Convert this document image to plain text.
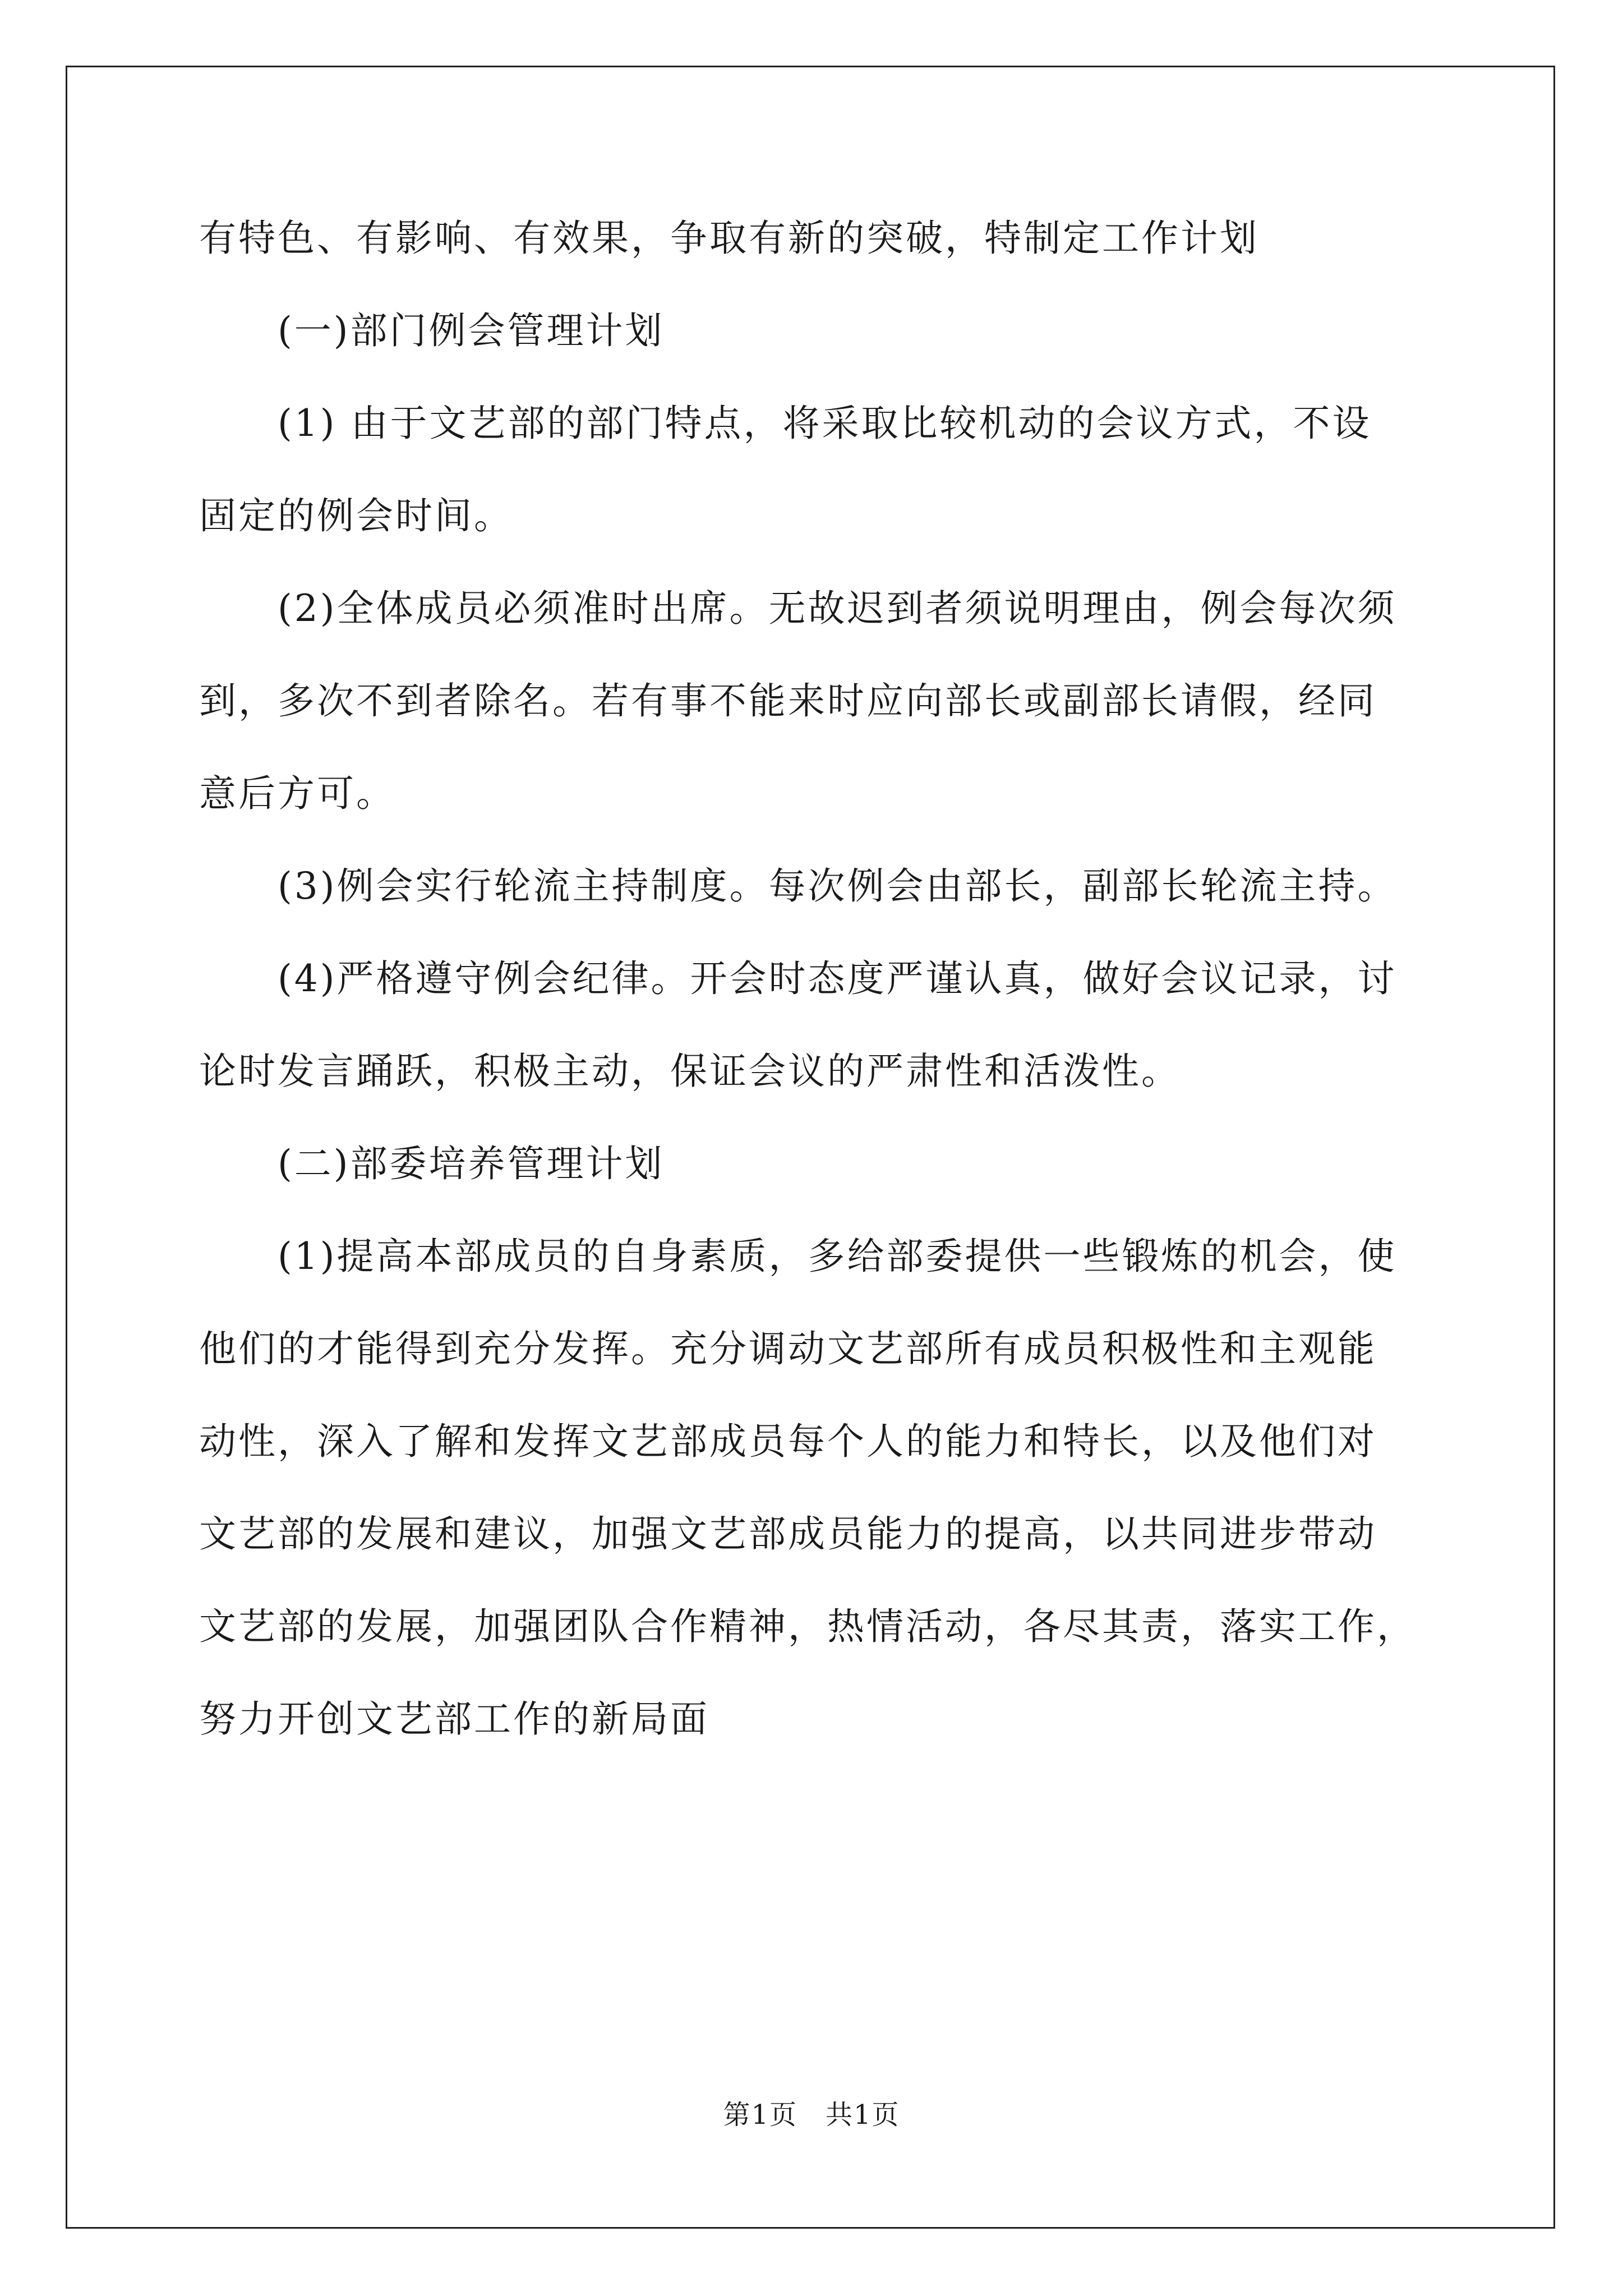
有特色、有影响、有效果，争取有新的突破，特制定工作计划
(一)部门例会管理计划
(1) 由于文艺部的部门特点，将采取比较机动的会议方式，不设
固定的例会时间。
(2)全体成员必须准时出席。无故迟到者须说明理由，例会每次须
到，多次不到者除名。若有事不能来时应向部长或副部长请假，经同
意后方可。
(3)例会实行轮流主持制度。每次例会由部长，副部长轮流主持。
(4)严格遵守例会纪律。开会时态度严谨认真，做好会议记录，讨
论时发言踊跃，积极主动，保证会议的严肃性和活泼性。
(二)部委培养管理计划
(1)提高本部成员的自身素质，多给部委提供一些锻炼的机会，使
他们的才能得到充分发挥。充分调动文艺部所有成员积极性和主观能
动性，深入了解和发挥文艺部成员每个人的能力和特长，以及他们对
文艺部的发展和建议，加强文艺部成员能力的提高，以共同进步带动
文艺部的发展，加强团队合作精神，热情活动，各尽其责，落实工作，
努力开创文艺部工作的新局面
第1页　共1页
